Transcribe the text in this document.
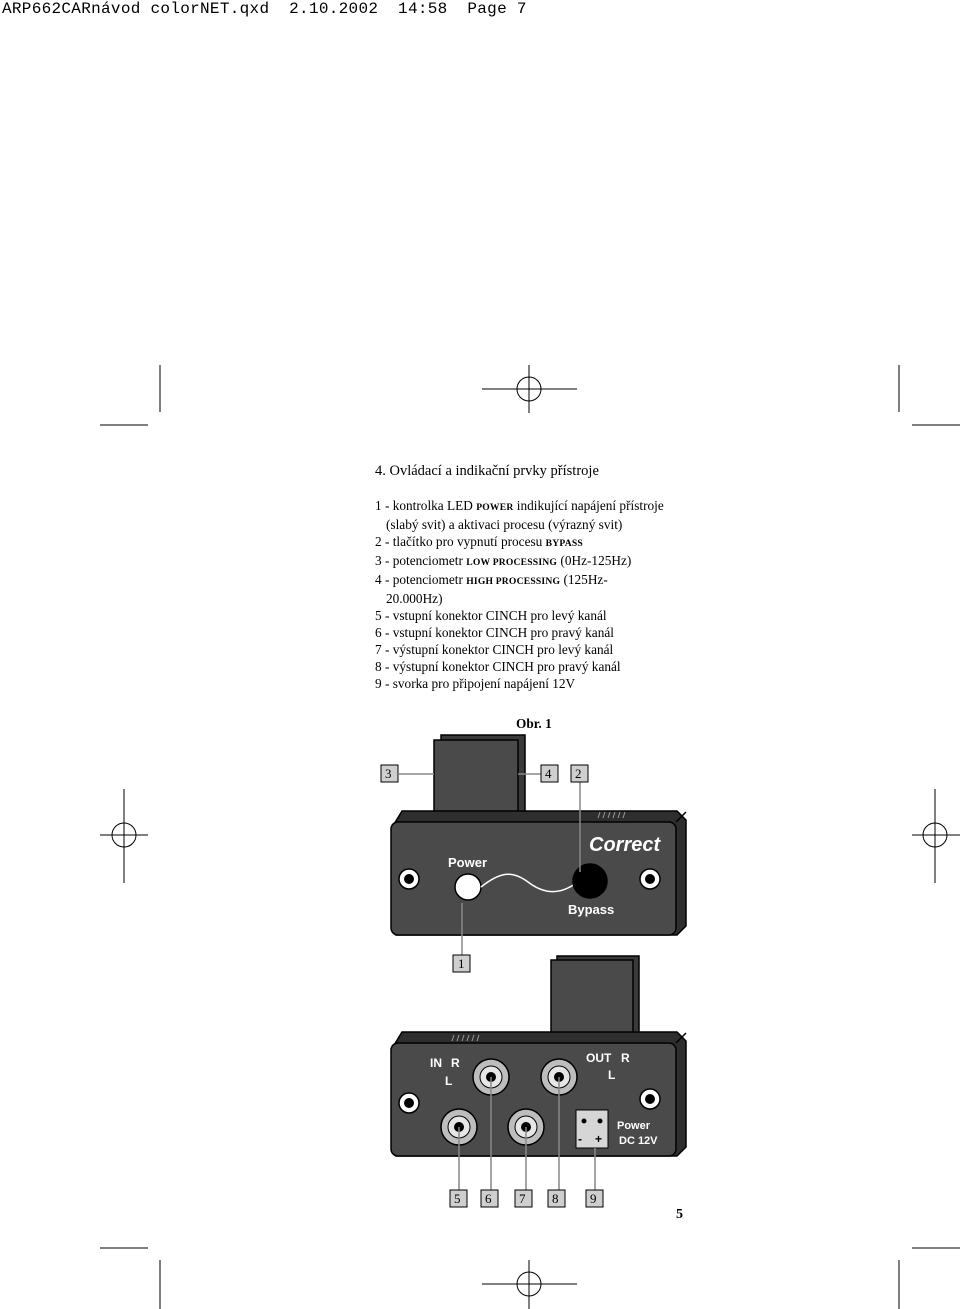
ARP662CARnávod colorNET.qxd  2.10.2002  14:58  Page 7
4. Ovládací a indikační prvky přístroje
1 - kontrolka LED POWER indikující napájení přístroje (slabý svit) a aktivaci procesu (výrazný svit)
2 - tlačítko pro vypnutí procesu BYPASS
3 - potenciometr LOW PROCESSING (0Hz-125Hz)
4 - potenciometr HIGH PROCESSING (125Hz-20.000Hz)
5 - vstupní konektor CINCH pro levý kanál
6 - vstupní konektor CINCH pro pravý kanál
7 - výstupní konektor CINCH pro levý kanál
8 - výstupní konektor CINCH pro pravý kanál
9 - svorka pro připojení napájení 12V
Obr. 1
Power
Bypass
Correct
- +
IN R
L
OUT R
L
Power
DC 12V
3	4 2
1
5 6 7 8 9
5
